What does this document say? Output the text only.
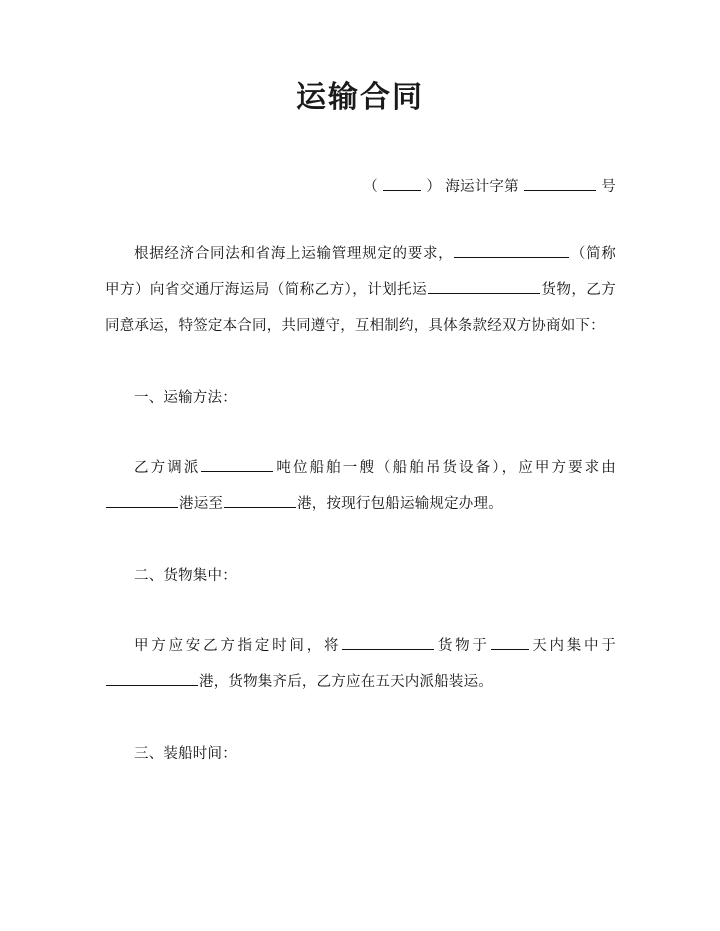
运输合同

（	） 海运计字第	号

根据经济合同法和省海上运输管理规定的要求，	（简称甲方）向省交通厅海运局（简称乙方），计划托运	货物，乙方同意承运，特签定本合同，共同遵守，互相制约，具体条款经双方协商如下：

一、运输方法：

乙方调派	吨位船舶一艘（船舶吊货设备），应甲方要求由港运至	港，按现行包船运输规定办理。

二、货物集中：

甲方应安乙方指定时间，将	货物于	天内集中于港，货物集齐后，乙方应在五天内派船装运。

三、装船时间：
